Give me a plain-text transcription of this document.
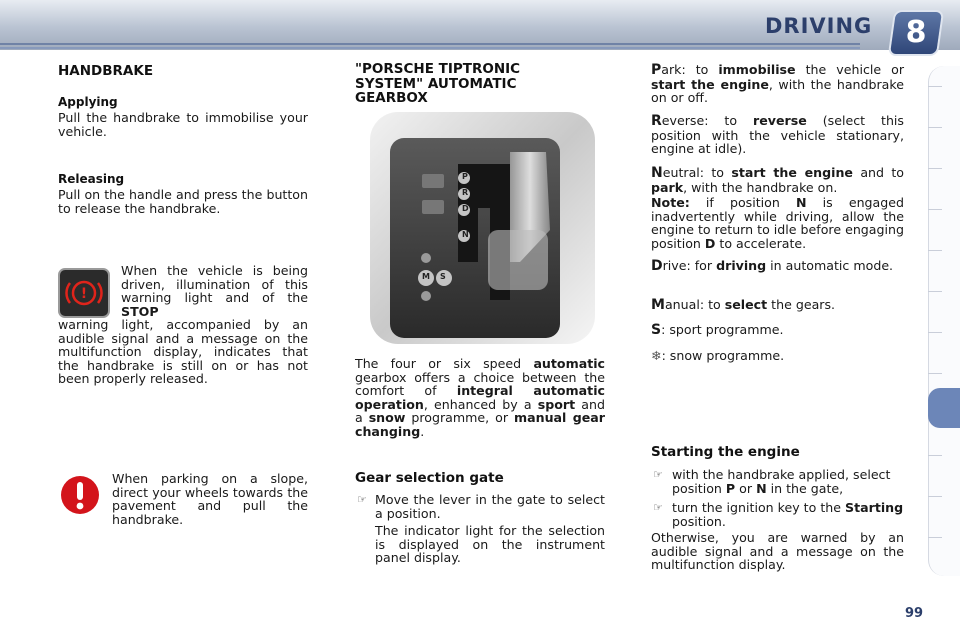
DRIVING	8
HANDBRAKE
Applying
Pull the handbrake to immobilise your vehicle.
Releasing
Pull on the handle and press the button to release the handbrake.
!
When the vehicle is being driven, illumination of this warning light and of the STOP
warning light, accompanied by an audible signal and a message on the multifunction display, indicates that the handbrake is still on or has not been properly released.
When parking on a slope, direct your wheels towards the pavement and pull the handbrake.
"PORSCHE TIPTRONIC
SYSTEM" AUTOMATIC
GEARBOX
P
R
D
N
M S
The four or six speed automatic gearbox offers a choice between the comfort of integral automatic operation, enhanced by a sport and a snow programme, or manual gear changing.
Gear selection gate
☞ Move the lever in the gate to select a position.
The indicator light for the selection is displayed on the instrument panel display.
Park: to immobilise the vehicle or start the engine, with the handbrake on or off.
Reverse: to reverse (select this position with the vehicle stationary, engine at idle).
Neutral: to start the engine and to park, with the handbrake on.
Note: if position N is engaged inadvertently while driving, allow the engine to return to idle before engaging position D to accelerate.
Drive: for driving in automatic mode.
Manual: to select the gears.
S: sport programme.
❄: snow programme.
Starting the engine
☞ with the handbrake applied, select position P or N in the gate,
☞ turn the ignition key to the Starting position.
Otherwise, you are warned by an audible signal and a message on the multifunction display.
99
